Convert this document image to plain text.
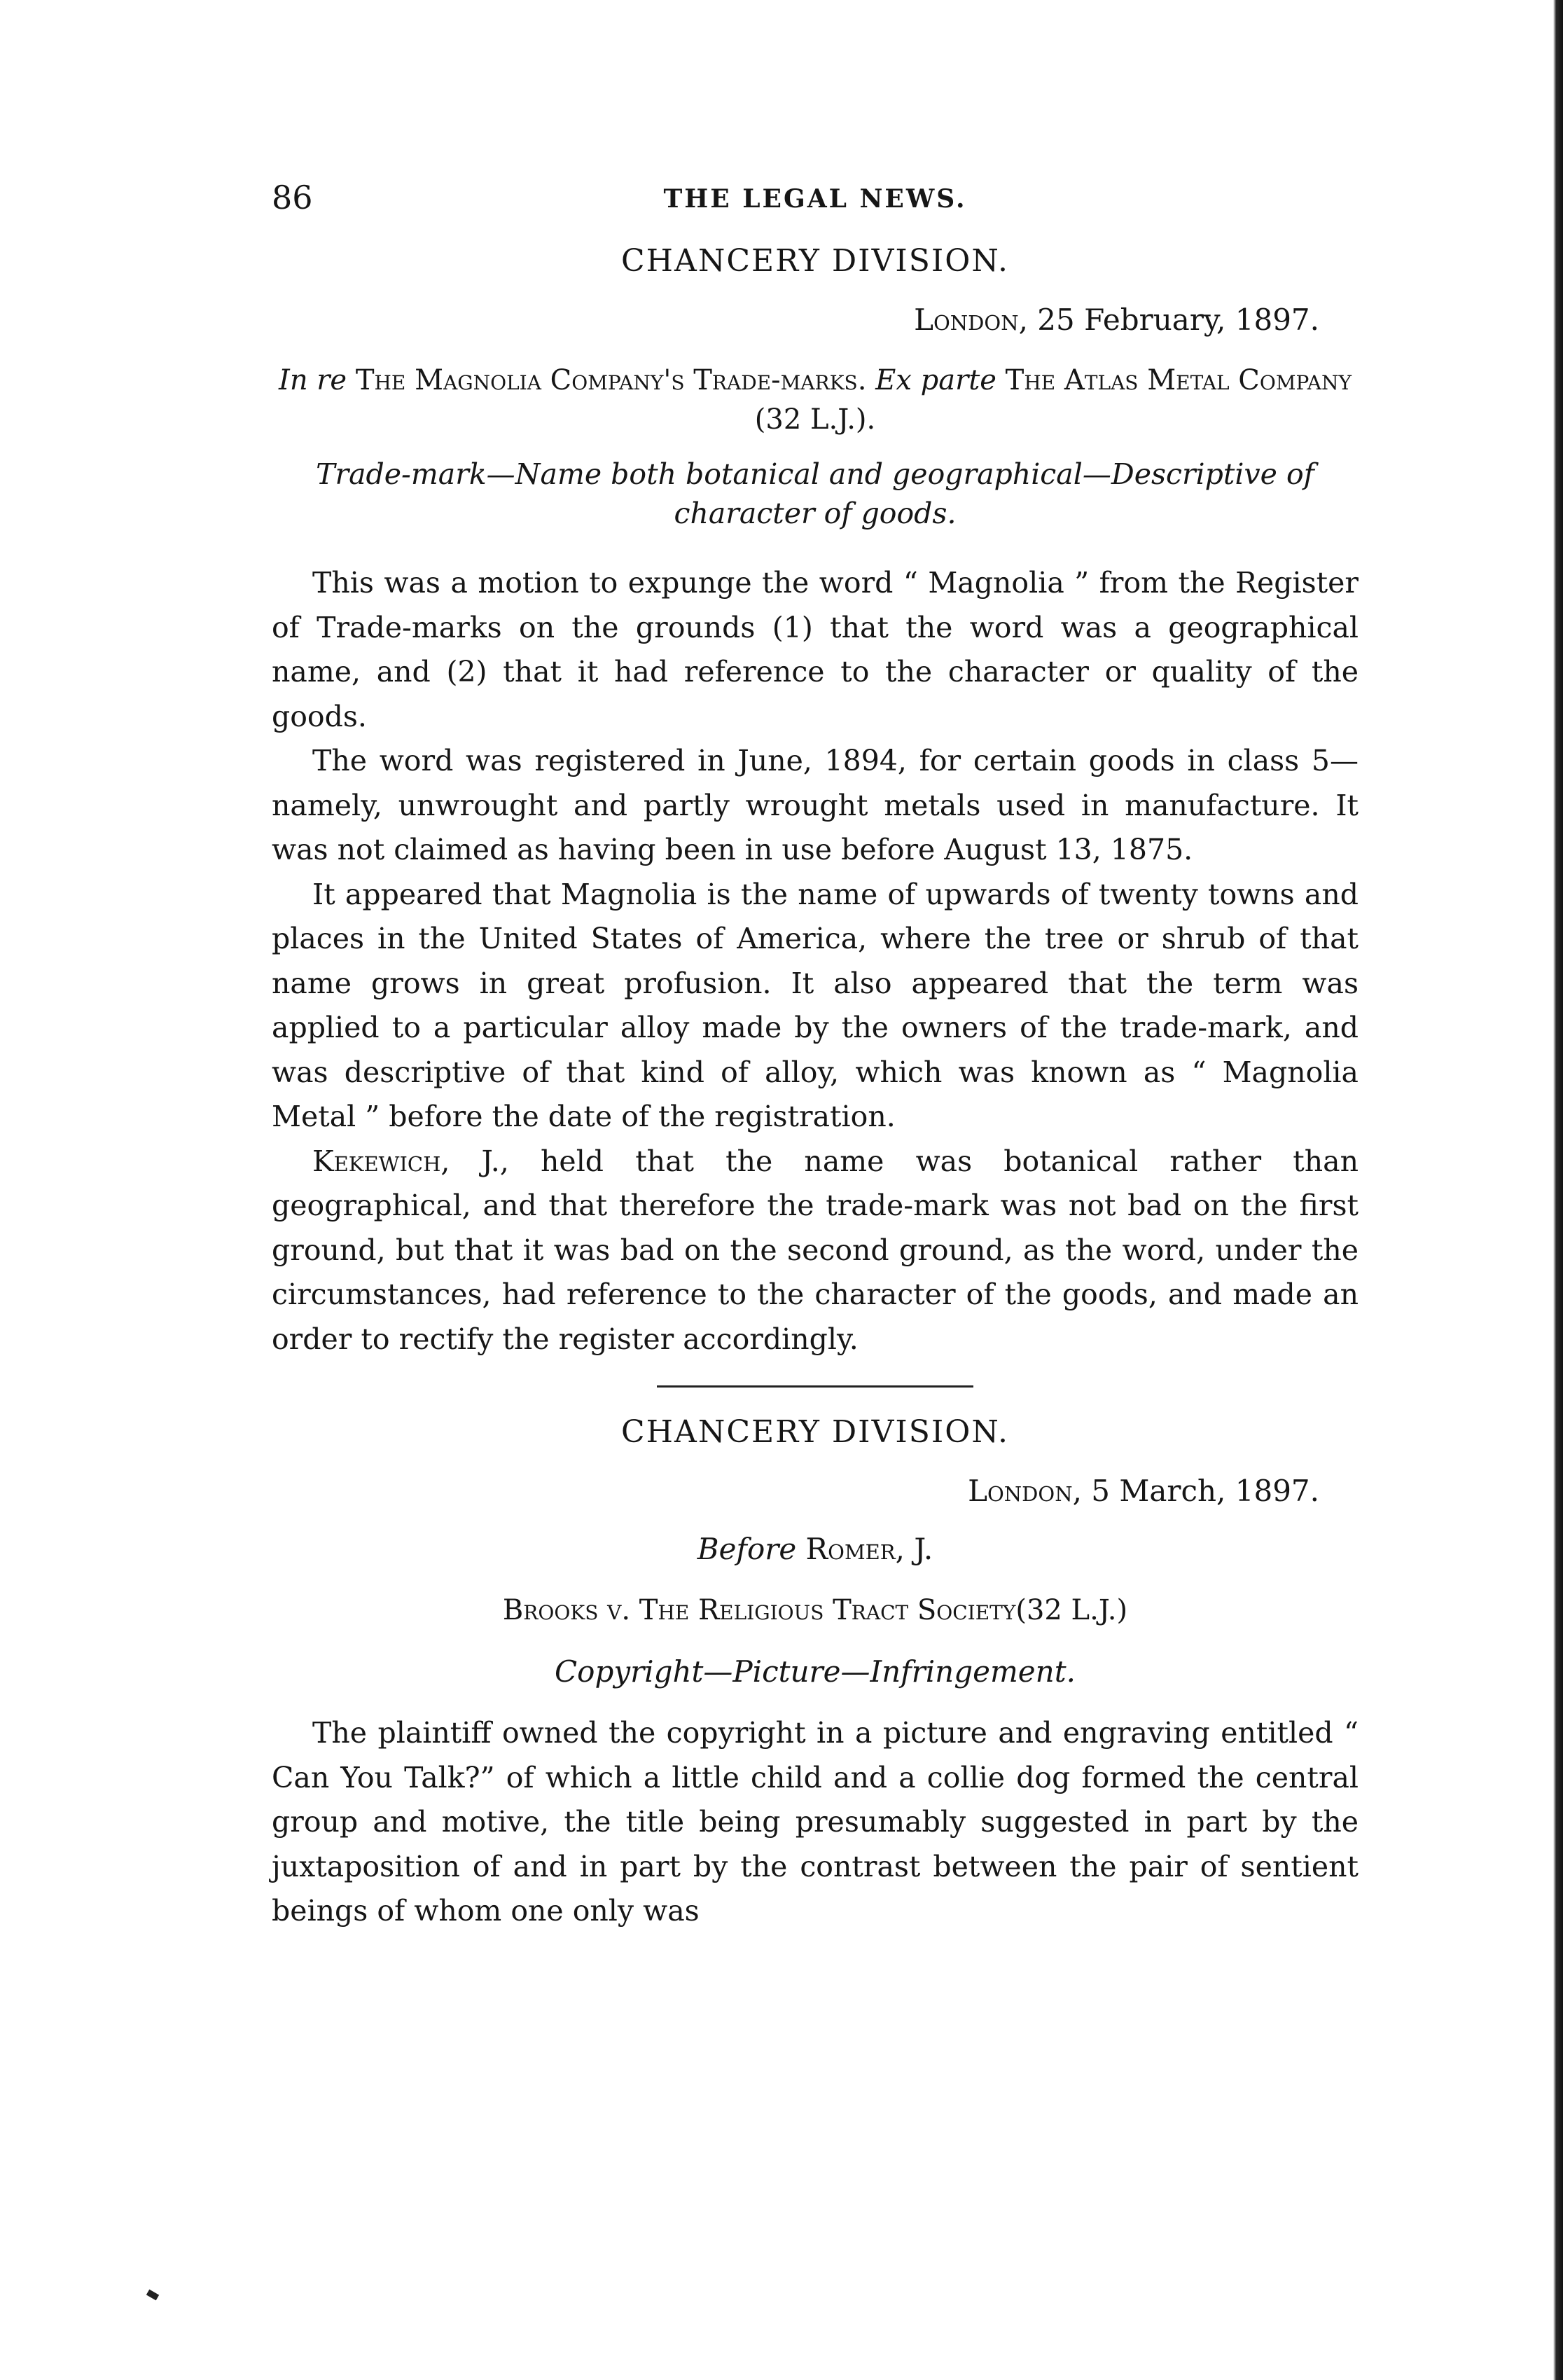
86	THE LEGAL NEWS.
CHANCERY DIVISION.
London, 25 February, 1897.
In re The Magnolia Company's Trade-marks. Ex parte The Atlas Metal Company (32 L.J.).
Trade-mark—Name both botanical and geographical—Descriptive of character of goods.

This was a motion to expunge the word “ Magnolia ” from the Register of Trade-marks on the grounds (1) that the word was a geographical name, and (2) that it had reference to the character or quality of the goods.

The word was registered in June, 1894, for certain goods in class 5—namely, unwrought and partly wrought metals used in manufacture. It was not claimed as having been in use before August 13, 1875.

It appeared that Magnolia is the name of upwards of twenty towns and places in the United States of America, where the tree or shrub of that name grows in great profusion. It also appeared that the term was applied to a particular alloy made by the owners of the trade-mark, and was descriptive of that kind of alloy, which was known as “ Magnolia Metal ” before the date of the registration.

Kekewich, J., held that the name was botanical rather than geographical, and that therefore the trade-mark was not bad on the first ground, but that it was bad on the second ground, as the word, under the circumstances, had reference to the character of the goods, and made an order to rectify the register accordingly.

CHANCERY DIVISION.
London, 5 March, 1897.
Before Romer, J.
Brooks v. The Religious Tract Society(32 L.J.)
Copyright—Picture—Infringement.

The plaintiff owned the copyright in a picture and engraving entitled “ Can You Talk?” of which a little child and a collie dog formed the central group and motive, the title being presumably suggested in part by the juxtaposition of and in part by the contrast between the pair of sentient beings of whom one only was
